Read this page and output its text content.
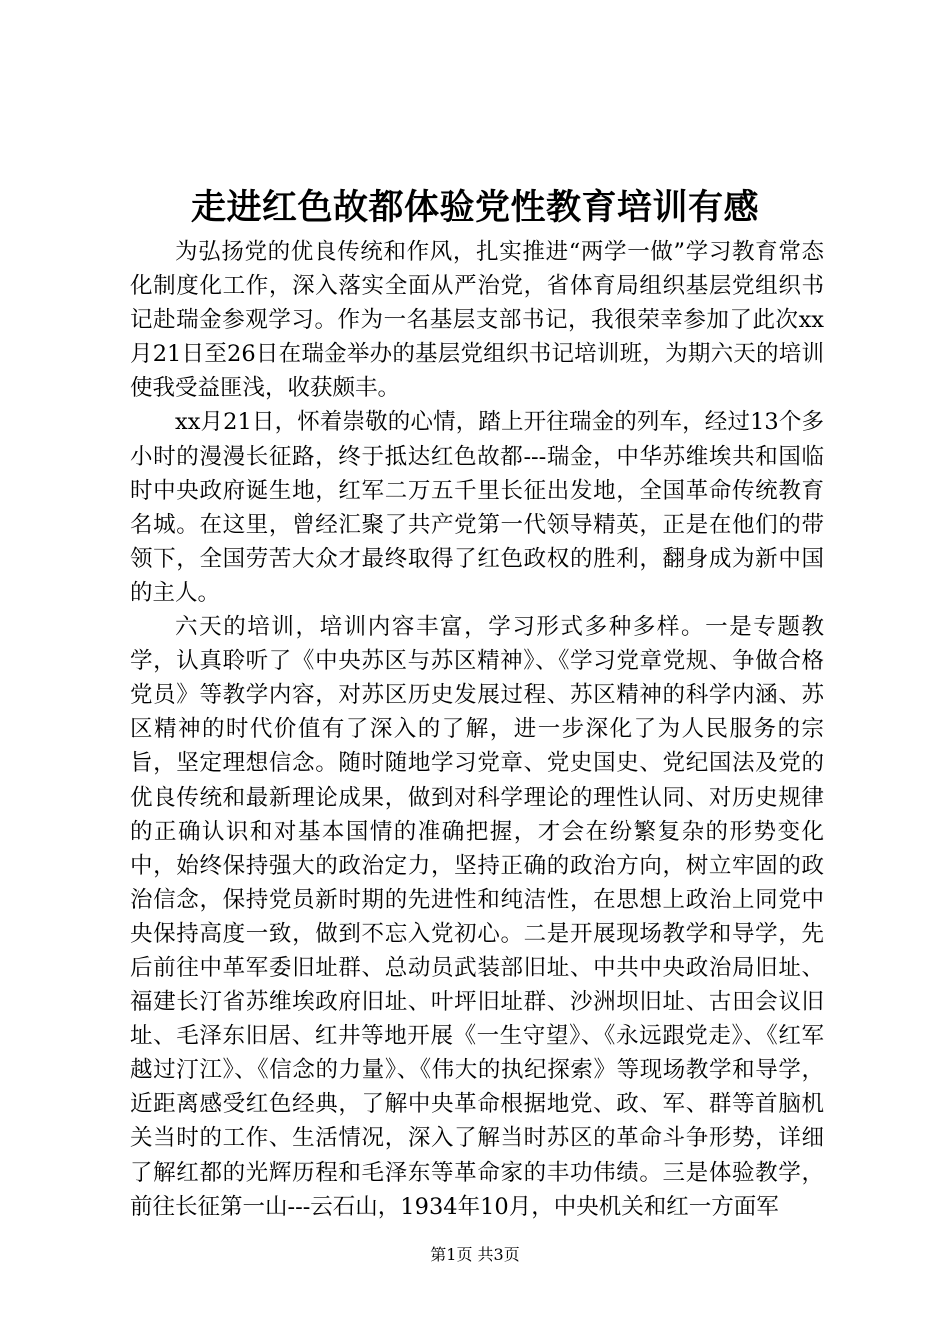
走进红色故都体验党性教育培训有感

为弘扬党的优良传统和作风，扎实推进“两学一做”学习教育常态化制度化工作，深入落实全面从严治党，省体育局组织基层党组织书记赴瑞金参观学习。作为一名基层支部书记，我很荣幸参加了此次xx月21日至26日在瑞金举办的基层党组织书记培训班，为期六天的培训使我受益匪浅，收获颇丰。

xx月21日，怀着崇敬的心情，踏上开往瑞金的列车，经过13个多小时的漫漫长征路，终于抵达红色故都---瑞金，中华苏维埃共和国临时中央政府诞生地，红军二万五千里长征出发地，全国革命传统教育名城。在这里，曾经汇聚了共产党第一代领导精英，正是在他们的带领下，全国劳苦大众才最终取得了红色政权的胜利，翻身成为新中国的主人。

六天的培训，培训内容丰富，学习形式多种多样。一是专题教学，认真聆听了《中央苏区与苏区精神》、《学习党章党规、争做合格党员》等教学内容，对苏区历史发展过程、苏区精神的科学内涵、苏区精神的时代价值有了深入的了解，进一步深化了为人民服务的宗旨，坚定理想信念。随时随地学习党章、党史国史、党纪国法及党的优良传统和最新理论成果，做到对科学理论的理性认同、对历史规律的正确认识和对基本国情的准确把握，才会在纷繁复杂的形势变化中，始终保持强大的政治定力，坚持正确的政治方向，树立牢固的政治信念，保持党员新时期的先进性和纯洁性，在思想上政治上同党中央保持高度一致，做到不忘入党初心。二是开展现场教学和导学，先后前往中革军委旧址群、总动员武装部旧址、中共中央政治局旧址、福建长汀省苏维埃政府旧址、叶坪旧址群、沙洲坝旧址、古田会议旧址、毛泽东旧居、红井等地开展《一生守望》、《永远跟党走》、《红军越过汀江》、《信念的力量》、《伟大的执纪探索》等现场教学和导学，近距离感受红色经典，了解中央革命根据地党、政、军、群等首脑机关当时的工作、生活情况，深入了解当时苏区的革命斗争形势，详细了解红都的光辉历程和毛泽东等革命家的丰功伟绩。三是体验教学，前往长征第一山---云石山，1934年10月，中央机关和红一方面军

第1页 共3页
